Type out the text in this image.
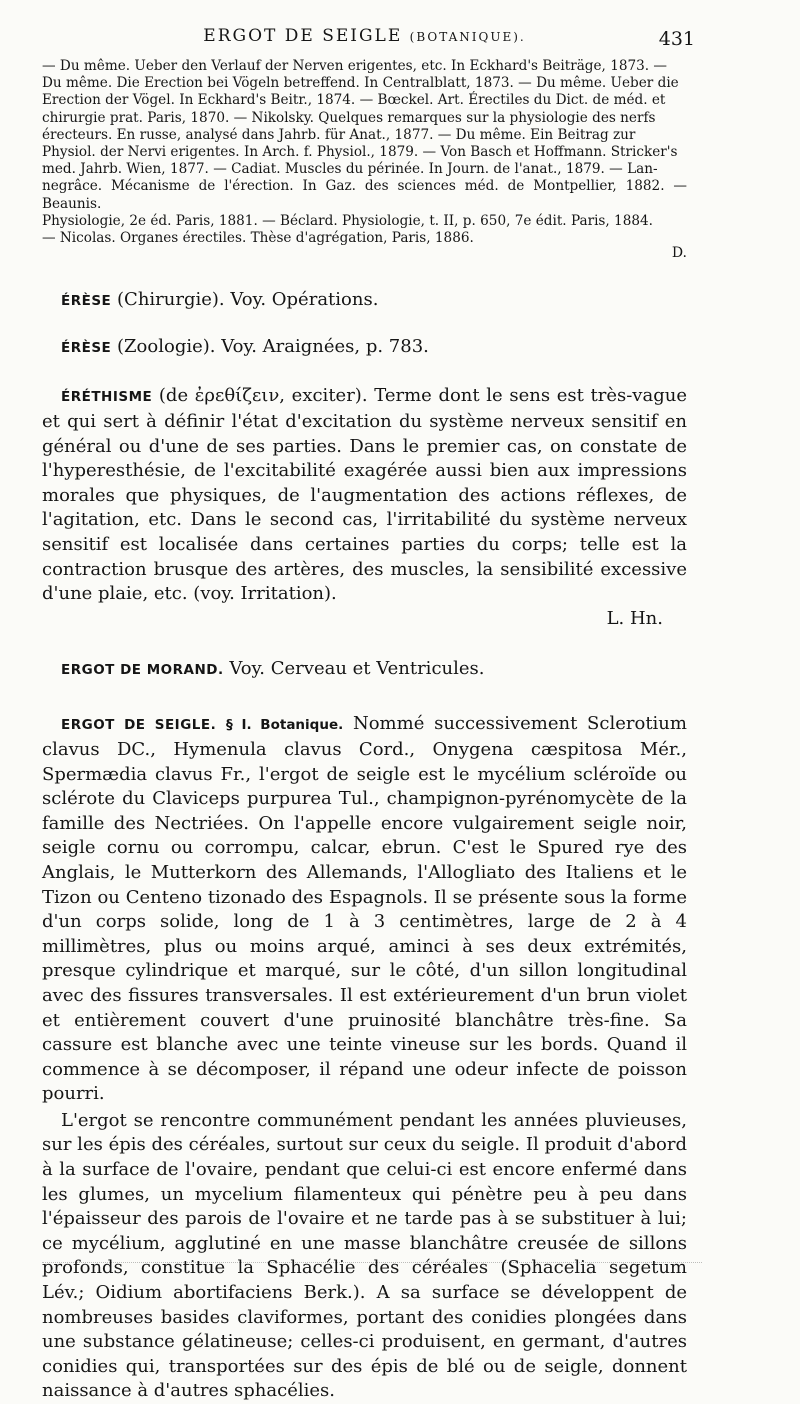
ERGOT DE SEIGLE (BOTANIQUE).	431

— Du même. Ueber den Verlauf der Nerven erigentes, etc. In Eckhard's Beiträge, 1873. —

Du même. Die Erection bei Vögeln betreffend. In Centralblatt, 1873. — Du même. Ueber die

Erection der Vögel. In Eckhard's Beitr., 1874. — Bœckel. Art. Érectiles du Dict. de méd. et

chirurgie prat. Paris, 1870. — Nikolsky. Quelques remarques sur la physiologie des nerfs

érecteurs. En russe, analysé dans Jahrb. für Anat., 1877. — Du même. Ein Beitrag zur

Physiol. der Nervi erigentes. In Arch. f. Physiol., 1879. — Von Basch et Hoffmann. Stricker's

med. Jahrb. Wien, 1877. — Cadiat. Muscles du périnée. In Journ. de l'anat., 1879. — Lan-

negrâce. Mécanisme de l'érection. In Gaz. des sciences méd. de Montpellier, 1882. — Beaunis.

Physiologie, 2e éd. Paris, 1881. — Béclard. Physiologie, t. II, p. 650, 7e édit. Paris, 1884.

— Nicolas. Organes érectiles. Thèse d'agrégation, Paris, 1886.

D.

ÉRÈSE (Chirurgie). Voy. Opérations.

ÉRÈSE (Zoologie). Voy. Araignées, p. 783.

ÉRÉTHISME (de ἐρεθίζειν, exciter). Terme dont le sens est très-vague et qui sert à définir l'état d'excitation du système nerveux sensitif en général ou d'une de ses parties. Dans le premier cas, on constate de l'hyperesthésie, de l'excitabilité exagérée aussi bien aux impressions morales que physiques, de l'augmentation des actions réflexes, de l'agitation, etc. Dans le second cas, l'irritabilité du système nerveux sensitif est localisée dans certaines parties du corps; telle est la contraction brusque des artères, des muscles, la sensibilité excessive d'une plaie, etc. (voy. Irritation).
L. Hn.

ERGOT DE MORAND. Voy. Cerveau et Ventricules.

ERGOT DE SEIGLE. § I. Botanique. Nommé successivement Sclerotium clavus DC., Hymenula clavus Cord., Onygena cæspitosa Mér., Spermædia clavus Fr., l'ergot de seigle est le mycélium scléroïde ou sclérote du Claviceps purpurea Tul., champignon-pyrénomycète de la famille des Nectriées. On l'appelle encore vulgairement seigle noir, seigle cornu ou corrompu, calcar, ebrun. C'est le Spured rye des Anglais, le Mutterkorn des Allemands, l'Allogliato des Italiens et le Tizon ou Centeno tizonado des Espagnols. Il se présente sous la forme d'un corps solide, long de 1 à 3 centimètres, large de 2 à 4 millimètres, plus ou moins arqué, aminci à ses deux extrémités, presque cylindrique et marqué, sur le côté, d'un sillon longitudinal avec des fissures transversales. Il est extérieurement d'un brun violet et entièrement couvert d'une pruinosité blanchâtre très-fine. Sa cassure est blanche avec une teinte vineuse sur les bords. Quand il commence à se décomposer, il répand une odeur infecte de poisson pourri.

L'ergot se rencontre communément pendant les années pluvieuses, sur les épis des céréales, surtout sur ceux du seigle. Il produit d'abord à la surface de l'ovaire, pendant que celui-ci est encore enfermé dans les glumes, un mycelium filamenteux qui pénètre peu à peu dans l'épaisseur des parois de l'ovaire et ne tarde pas à se substituer à lui; ce mycélium, agglutiné en une masse blanchâtre creusée de sillons profonds, constitue la Sphacélie des céréales (Sphacelia segetum Lév.; Oidium abortifaciens Berk.). A sa surface se développent de nombreuses basides claviformes, portant des conidies plongées dans une substance gélatineuse; celles-ci produisent, en germant, d'autres conidies qui, transportées sur des épis de blé ou de seigle, donnent naissance à d'autres sphacélies.
